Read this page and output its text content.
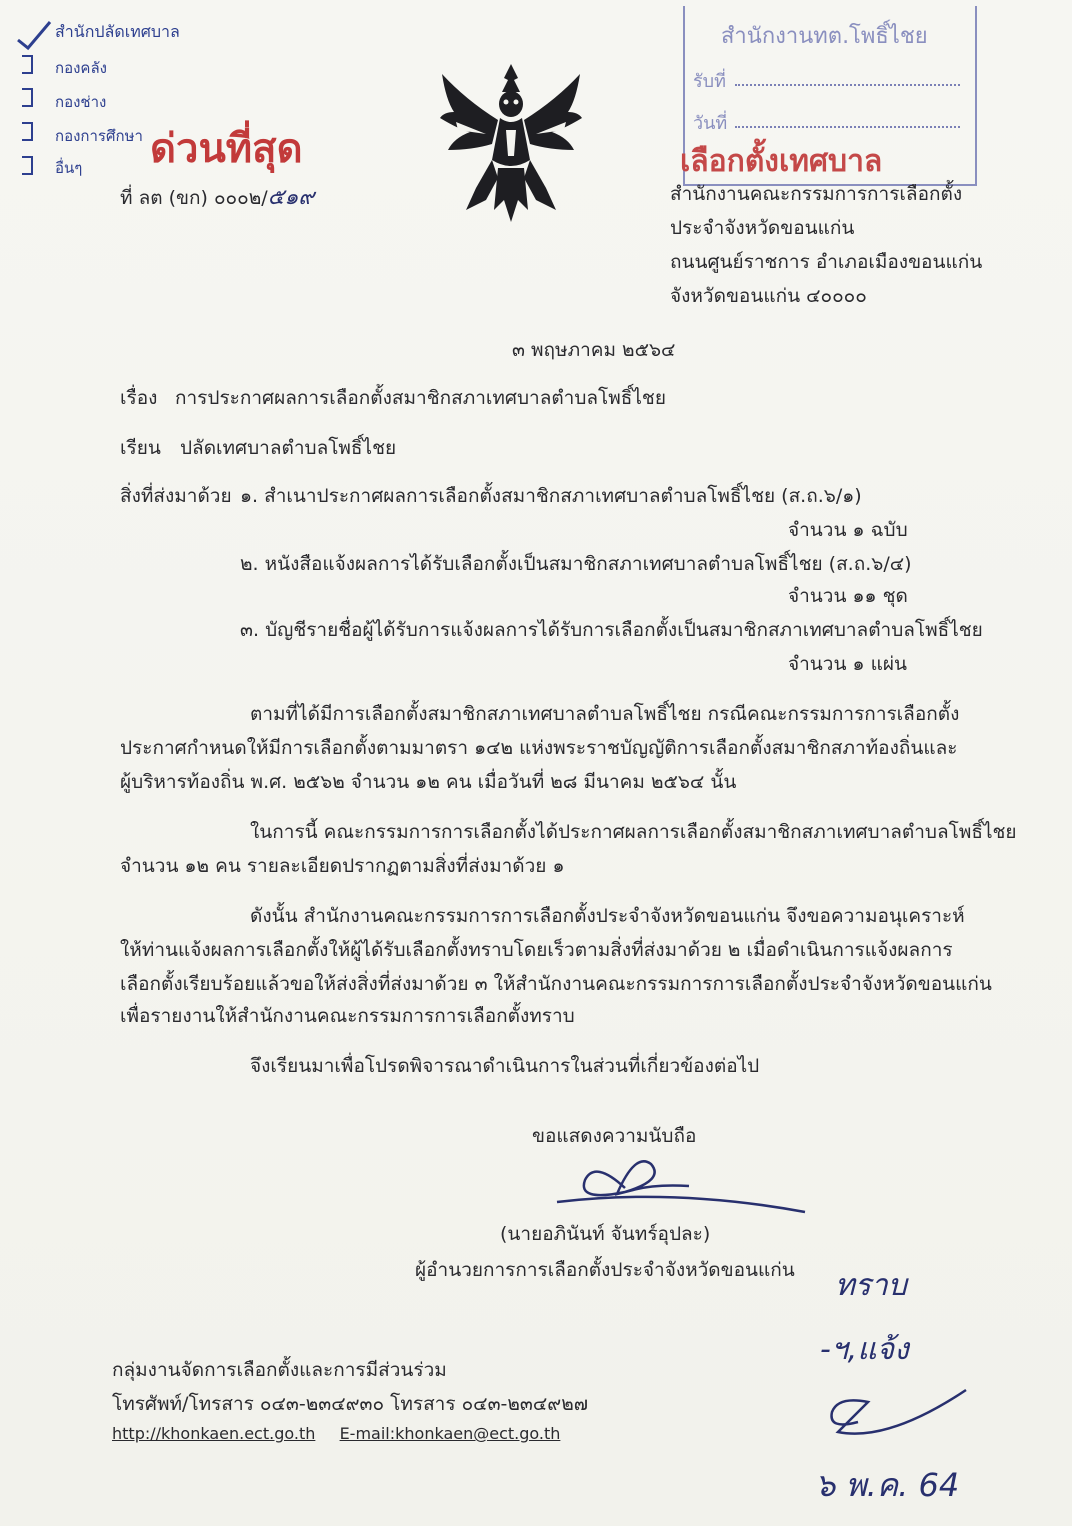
สำนักปลัดเทศบาล
กองคลัง
กองช่าง
กองการศึกษา
อื่นๆ ด่วนที่สุด
ที่ ลต (ขก) ๐๐๐๒/๕๑๙
สำนักงานทต.โพธิ์ไชย
รับที่
วันที่
เลือกตั้งเทศบาล
สำนักงานคณะกรรมการการเลือกตั้ง
ประจำจังหวัดขอนแก่น
ถนนศูนย์ราชการ อำเภอเมืองขอนแก่น
จังหวัดขอนแก่น ๔๐๐๐๐
๓ พฤษภาคม ๒๕๖๔
เรื่อง การประกาศผลการเลือกตั้งสมาชิกสภาเทศบาลตำบลโพธิ์ไชย
เรียน ปลัดเทศบาลตำบลโพธิ์ไชย
สิ่งที่ส่งมาด้วย ๑. สำเนาประกาศผลการเลือกตั้งสมาชิกสภาเทศบาลตำบลโพธิ์ไชย (ส.ถ.๖/๑)
จำนวน ๑ ฉบับ
๒. หนังสือแจ้งผลการได้รับเลือกตั้งเป็นสมาชิกสภาเทศบาลตำบลโพธิ์ไชย (ส.ถ.๖/๔)
จำนวน ๑๑ ชุด
๓. บัญชีรายชื่อผู้ได้รับการแจ้งผลการได้รับการเลือกตั้งเป็นสมาชิกสภาเทศบาลตำบลโพธิ์ไชย
จำนวน ๑ แผ่น
ตามที่ได้มีการเลือกตั้งสมาชิกสภาเทศบาลตำบลโพธิ์ไชย กรณีคณะกรรมการการเลือกตั้ง
ประกาศกำหนดให้มีการเลือกตั้งตามมาตรา ๑๔๒ แห่งพระราชบัญญัติการเลือกตั้งสมาชิกสภาท้องถิ่นและ
ผู้บริหารท้องถิ่น พ.ศ. ๒๕๖๒ จำนวน ๑๒ คน เมื่อวันที่ ๒๘ มีนาคม ๒๕๖๔ นั้น
ในการนี้ คณะกรรมการการเลือกตั้งได้ประกาศผลการเลือกตั้งสมาชิกสภาเทศบาลตำบลโพธิ์ไชย
จำนวน ๑๒ คน รายละเอียดปรากฏตามสิ่งที่ส่งมาด้วย ๑
ดังนั้น สำนักงานคณะกรรมการการเลือกตั้งประจำจังหวัดขอนแก่น จึงขอความอนุเคราะห์
ให้ท่านแจ้งผลการเลือกตั้งให้ผู้ได้รับเลือกตั้งทราบโดยเร็วตามสิ่งที่ส่งมาด้วย ๒ เมื่อดำเนินการแจ้งผลการ
เลือกตั้งเรียบร้อยแล้วขอให้ส่งสิ่งที่ส่งมาด้วย ๓ ให้สำนักงานคณะกรรมการการเลือกตั้งประจำจังหวัดขอนแก่น
เพื่อรายงานให้สำนักงานคณะกรรมการการเลือกตั้งทราบ
จึงเรียนมาเพื่อโปรดพิจารณาดำเนินการในส่วนที่เกี่ยวข้องต่อไป
ขอแสดงความนับถือ
(นายอภินันท์ จันทร์อุปละ)
ผู้อำนวยการการเลือกตั้งประจำจังหวัดขอนแก่น
กลุ่มงานจัดการเลือกตั้งและการมีส่วนร่วม
โทรศัพท์/โทรสาร ๐๔๓-๒๓๔๙๓๐ โทรสาร ๐๔๓-๒๓๔๙๒๗
http://khonkaen.ect.go.th E-mail:khonkaen@ect.go.th
ทราบ
-ฯ,แจ้ง
๖ พ.ค. 64
